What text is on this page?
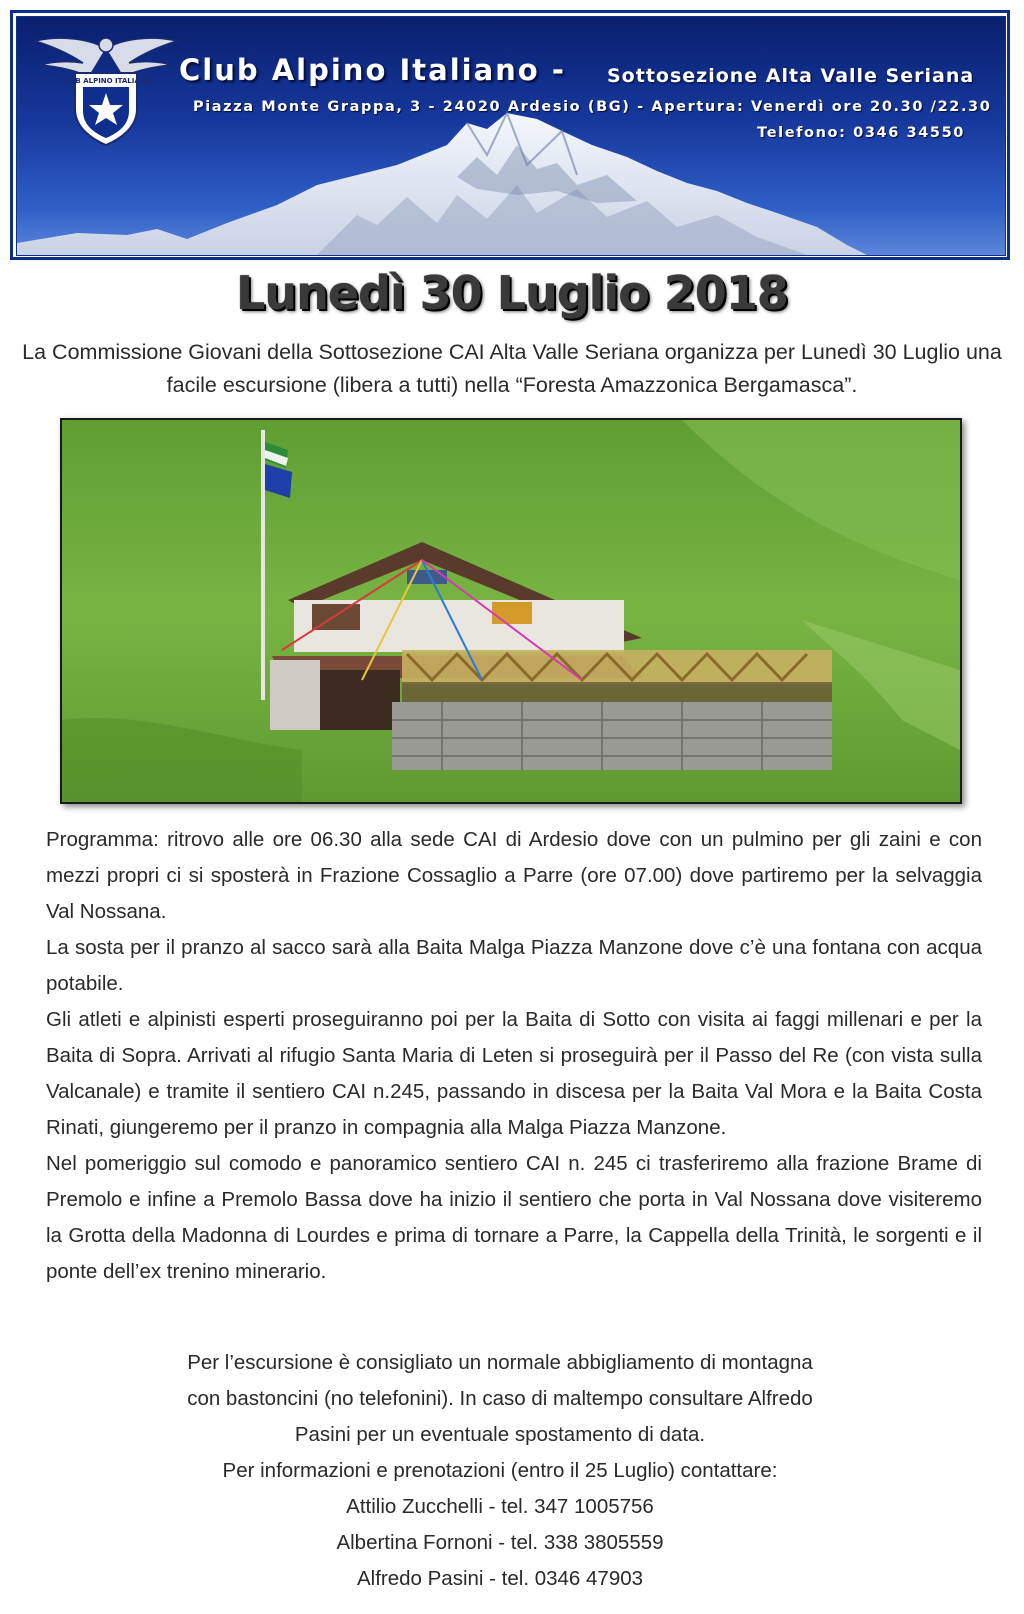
CLUB ALPINO ITALIANO Club Alpino Italiano - Sottosezione Alta Valle Seriana
Piazza Monte Grappa, 3 - 24020 Ardesio (BG) - Apertura: Venerdì ore 20.30 /22.30
Telefono: 0346 34550
Lunedì 30 Luglio 2018
La Commissione Giovani della Sottosezione CAI Alta Valle Seriana organizza per Lunedì 30 Luglio una facile escursione (libera a tutti) nella “Foresta Amazzonica Bergamasca”.

Programma: ritrovo alle ore 06.30 alla sede CAI di Ardesio dove con un pulmino per gli zaini e con mezzi propri ci si sposterà in Frazione Cossaglio a Parre (ore 07.00) dove partiremo per la selvaggia Val Nossana.

La sosta per il pranzo al sacco sarà alla Baita Malga Piazza Manzone dove c’è una fontana con acqua potabile.

Gli atleti e alpinisti esperti proseguiranno poi per la Baita di Sotto con visita ai faggi millenari e per la Baita di Sopra. Arrivati al rifugio Santa Maria di Leten si proseguirà per il Passo del Re (con vista sulla Valcanale) e tramite il sentiero CAI n.245, passando in discesa per la Baita Val Mora e la Baita Costa Rinati, giungeremo per il pranzo in compagnia alla Malga Piazza Manzone.

Nel pomeriggio sul comodo e panoramico sentiero CAI n. 245 ci trasferiremo alla frazione Brame di Premolo e infine a Premolo Bassa dove ha inizio il sentiero che porta in Val Nossana dove visiteremo la Grotta della Madonna di Lourdes e prima di tornare a Parre, la Cappella della Trinità, le sorgenti e il ponte dell’ex trenino minerario.

Per l’escursione è consigliato un normale abbigliamento di montagna

con bastoncini (no telefonini). In caso di maltempo consultare Alfredo

Pasini per un eventuale spostamento di data.

Per informazioni e prenotazioni (entro il 25 Luglio) contattare:

Attilio Zucchelli - tel. 347 1005756

Albertina Fornoni - tel. 338 3805559

Alfredo Pasini - tel. 0346 47903
